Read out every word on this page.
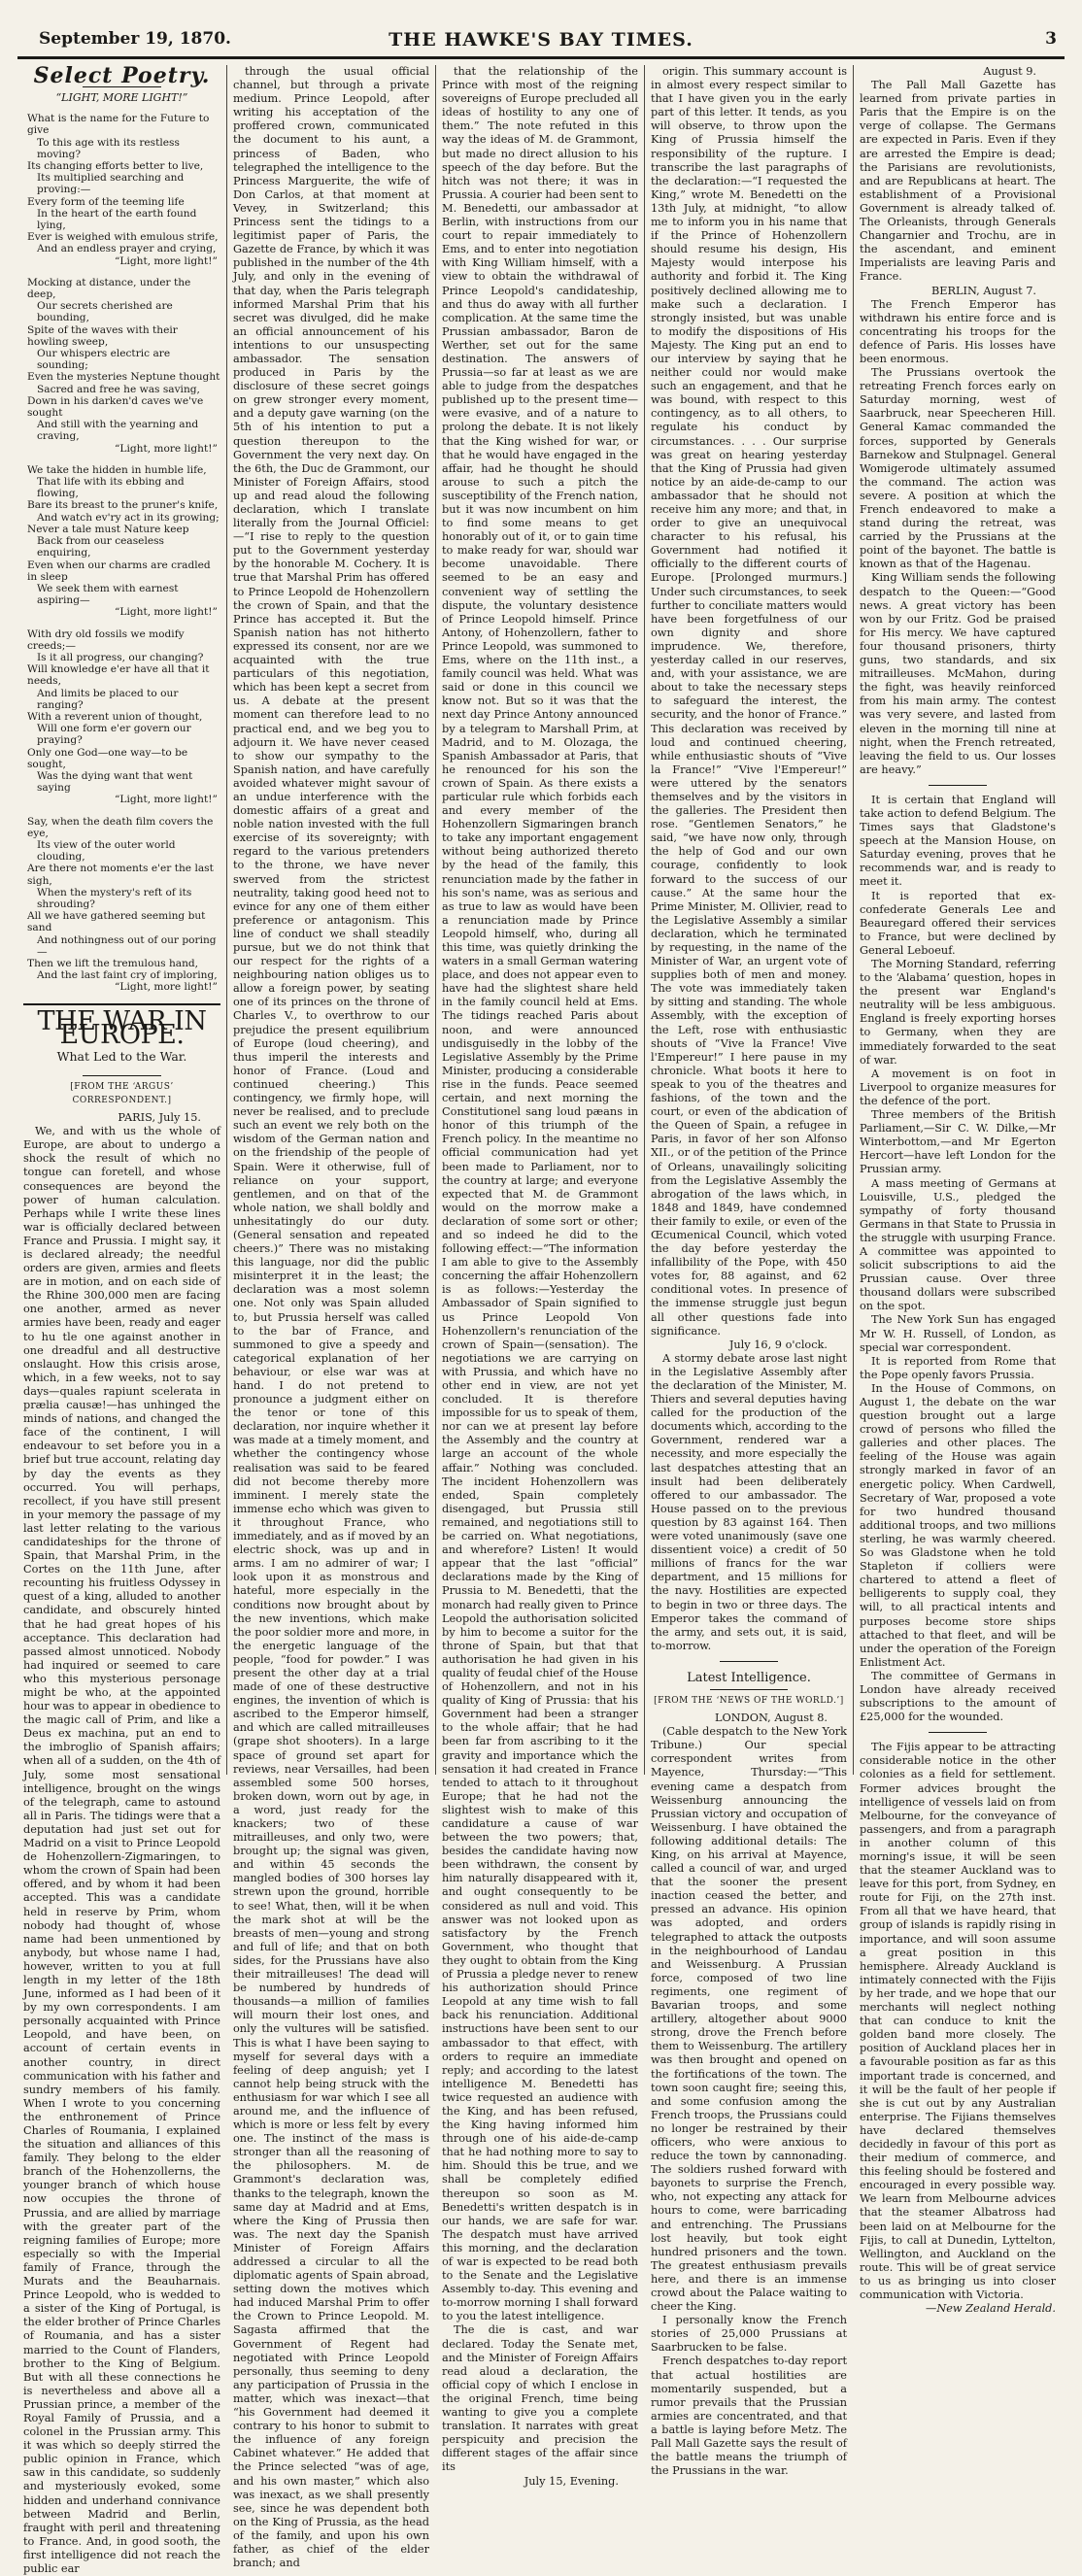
September 19, 1870.	THE HAWKE'S BAY TIMES.	3
Select Poetry.
“LIGHT, MORE LIGHT!”
What is the name for the Future to give
To this age with its restless moving?
Its changing efforts better to live,
Its multiplied searching and proving:—
Every form of the teeming life
In the heart of the earth found lying,
Ever is weighed with emulous strife,
And an endless prayer and crying,
“Light, more light!”
Mocking at distance, under the deep,
Our secrets cherished are bounding,
Spite of the waves with their howling sweep,
Our whispers electric are sounding;
Even the mysteries Neptune thought
Sacred and free he was saving,
Down in his darken'd caves we've sought
And still with the yearning and craving,
“Light, more light!”
We take the hidden in humble life,
That life with its ebbing and flowing,
Bare its breast to the pruner's knife,
And watch ev'ry act in its growing;
Never a tale must Nature keep
Back from our ceaseless enquiring,
Even when our charms are cradled in sleep
We seek them with earnest aspiring—
“Light, more light!”
With dry old fossils we modify creeds;—
Is it all progress, our changing?
Will knowledge e'er have all that it needs,
And limits be placed to our ranging?
With a reverent union of thought,
Will one form e'er govern our praying?
Only one God—one way—to be sought,
Was the dying want that went saying
“Light, more light!”
Say, when the death film covers the eye,
Its view of the outer world clouding,
Are there not moments e'er the last sigh,
When the mystery's reft of its shrouding?
All we have gathered seeming but sand
And nothingness out of our poring—
Then we lift the tremulous hand,
And the last faint cry of imploring,
“Light, more light!”
THE WAR IN EUROPE.
What Led to the War.
[FROM THE ‘ARGUS’ CORRESPONDENT.]
PARIS, July 15.

We, and with us the whole of Europe, are about to undergo a shock the result of which no tongue can foretell, and whose consequences are beyond the power of human calculation. Perhaps while I write these lines war is officially declared between France and Prussia. I might say, it is declared already; the needful orders are given, armies and fleets are in motion, and on each side of the Rhine 300,000 men are facing one another, armed as never armies have been, ready and eager to hu tle one against another in one dreadful and all destructive onslaught. How this crisis arose, which, in a few weeks, not to say days—quales rapiunt scelerata in prælia causæ!—has unhinged the minds of nations, and changed the face of the continent, I will endeavour to set before you in a brief but true account, relating day by day the events as they occurred. You will perhaps, recollect, if you have still present in your memory the passage of my last letter relating to the various candidateships for the throne of Spain, that Marshal Prim, in the Cortes on the 11th June, after recounting his fruitless Odyssey in quest of a king, alluded to another candidate, and obscurely hinted that he had great hopes of his acceptance. This declaration had passed almost unnoticed. Nobody had inquired or seemed to care who this mysterious personage might be who, at the appointed hour was to appear in obedience to the magic call of Prim, and like a Deus ex machina, put an end to the imbroglio of Spanish affairs; when all of a sudden, on the 4th of July, some most sensational intelligence, brought on the wings of the telegraph, came to astound all in Paris. The tidings were that a deputation had just set out for Madrid on a visit to Prince Leopold de Hohenzollern-Zigmaringen, to whom the crown of Spain had been offered, and by whom it had been accepted. This was a candidate held in reserve by Prim, whom nobody had thought of, whose name had been unmentioned by anybody, but whose name I had, however, written to you at full length in my letter of the 18th June, informed as I had been of it by my own correspondents. I am personally acquainted with Prince Leopold, and have been, on account of certain events in another country, in direct communication with his father and sundry members of his family. When I wrote to you concerning the enthronement of Prince Charles of Roumania, I explained the situation and alliances of this family. They belong to the elder branch of the Hohenzollerns, the younger branch of which house now occupies the throne of Prussia, and are allied by marriage with the greater part of the reigning families of Europe; more especially so with the Imperial family of France, through the Murats and the Beauharnais. Prince Leopold, who is wedded to a sister of the King of Portugal, is the elder brother of Prince Charles of Roumania, and has a sister married to the Count of Flanders, brother to the King of Belgium. But with all these connections he is nevertheless and above all a Prussian prince, a member of the Royal Family of Prussia, and a colonel in the Prussian army. This it was which so deeply stirred the public opinion in France, which saw in this candidate, so suddenly and mysteriously evoked, some hidden and underhand connivance between Madrid and Berlin, fraught with peril and threatening to France. And, in good sooth, the first intelligence did not reach the public ear

through the usual official channel, but through a private medium. Prince Leopold, after writing his acceptation of the proffered crown, communicated the document to his aunt, a princess of Baden, who telegraphed the intelligence to the Princess Marguerite, the wife of Don Carlos, at that moment at Vevey, in Switzerland; this Princess sent the tidings to a legitimist paper of Paris, the Gazette de France, by which it was published in the number of the 4th July, and only in the evening of that day, when the Paris telegraph informed Marshal Prim that his secret was divulged, did he make an official announcement of his intentions to our unsuspecting ambassador. The sensation produced in Paris by the disclosure of these secret goings on grew stronger every moment, and a deputy gave warning (on the 5th of his intention to put a question thereupon to the Government the very next day. On the 6th, the Duc de Grammont, our Minister of Foreign Affairs, stood up and read aloud the following declaration, which I translate literally from the Journal Officiel:—“I rise to reply to the question put to the Government yesterday by the honorable M. Cochery. It is true that Marshal Prim has offered to Prince Leopold de Hohenzollern the crown of Spain, and that the Prince has accepted it. But the Spanish nation has not hitherto expressed its consent, nor are we acquainted with the true particulars of this negotiation, which has been kept a secret from us. A debate at the present moment can therefore lead to no practical end, and we beg you to adjourn it. We have never ceased to show our sympathy to the Spanish nation, and have carefully avoided whatever might savour of an undue interference with the domestic affairs of a great and noble nation invested with the full exercise of its sovereignty; with regard to the various pretenders to the throne, we have never swerved from the strictest neutrality, taking good heed not to evince for any one of them either preference or antagonism. This line of conduct we shall steadily pursue, but we do not think that our respect for the rights of a neighbouring nation obliges us to allow a foreign power, by seating one of its princes on the throne of Charles V., to overthrow to our prejudice the present equilibrium of Europe (loud cheering), and thus imperil the interests and honor of France. (Loud and continued cheering.) This contingency, we firmly hope, will never be realised, and to preclude such an event we rely both on the wisdom of the German nation and on the friendship of the people of Spain. Were it otherwise, full of reliance on your support, gentlemen, and on that of the whole nation, we shall boldly and unhesitatingly do our duty. (General sensation and repeated cheers.)” There was no mistaking this language, nor did the public misinterpret it in the least; the declaration was a most solemn one. Not only was Spain alluded to, but Prussia herself was called to the bar of France, and summoned to give a speedy and categorical explanation of her behaviour, or else war was at hand. I do not pretend to pronounce a judgment either on the tenor or tone of this declaration, nor inquire whether it was made at a timely moment, and whether the contingency whose realisation was said to be feared did not become thereby more imminent. I merely state the immense echo which was given to it throughout France, who immediately, and as if moved by an electric shock, was up and in arms. I am no admirer of war; I look upon it as monstrous and hateful, more especially in the conditions now brought about by the new inventions, which make the poor soldier more and more, in the energetic language of the people, “food for powder.” I was present the other day at a trial made of one of these destructive engines, the invention of which is ascribed to the Emperor himself, and which are called mitrailleuses (grape shot shooters). In a large space of ground set apart for reviews, near Versailles, had been assembled some 500 horses, broken down, worn out by age, in a word, just ready for the knackers; two of these mitrailleuses, and only two, were brought up; the signal was given, and within 45 seconds the mangled bodies of 300 horses lay strewn upon the ground, horrible to see! What, then, will it be when the mark shot at will be the breasts of men—young and strong and full of life; and that on both sides, for the Prussians have also their mitrailleuses! The dead will be numbered by hundreds of thousands—a million of families will mourn their lost ones, and only the vultures will be satisfied. This is what I have been saying to myself for several days with a feeling of deep anguish; yet I cannot help being struck with the enthusiasm for war which I see all around me, and the influence of which is more or less felt by every one. The instinct of the mass is stronger than all the reasoning of the philosophers. M. de Grammont's declaration was, thanks to the telegraph, known the same day at Madrid and at Ems, where the King of Prussia then was. The next day the Spanish Minister of Foreign Affairs addressed a circular to all the diplomatic agents of Spain abroad, setting down the motives which had induced Marshal Prim to offer the Crown to Prince Leopold. M. Sagasta affirmed that the Government of Regent had negotiated with Prince Leopold personally, thus seeming to deny any participation of Prussia in the matter, which was inexact—that “his Government had deemed it contrary to his honor to submit to the influence of any foreign Cabinet whatever.” He added that the Prince selected “was of age, and his own master,” which also was inexact, as we shall presently see, since he was dependent both on the King of Prussia, as the head of the family, and upon his own father, as chief of the elder branch; and

that the relationship of the Prince with most of the reigning sovereigns of Europe precluded all ideas of hostility to any one of them.” The note refuted in this way the ideas of M. de Grammont, but made no direct allusion to his speech of the day before. But the hitch was not there; it was in Prussia. A courier had been sent to M. Benedetti, our ambassador at Berlin, with instructions from our court to repair immediately to Ems, and to enter into negotiation with King William himself, with a view to obtain the withdrawal of Prince Leopold's candidateship, and thus do away with all further complication. At the same time the Prussian ambassador, Baron de Werther, set out for the same destination. The answers of Prussia—so far at least as we are able to judge from the despatches published up to the present time—were evasive, and of a nature to prolong the debate. It is not likely that the King wished for war, or that he would have engaged in the affair, had he thought he should arouse to such a pitch the susceptibility of the French nation, but it was now incumbent on him to find some means to get honorably out of it, or to gain time to make ready for war, should war become unavoidable. There seemed to be an easy and convenient way of settling the dispute, the voluntary desistence of Prince Leopold himself. Prince Antony, of Hohenzollern, father to Prince Leopold, was summoned to Ems, where on the 11th inst., a family council was held. What was said or done in this council we know not. But so it was that the next day Prince Antony announced by a telegram to Marshall Prim, at Madrid, and to M. Olozaga, the Spanish Ambassador at Paris, that he renounced for his son the crown of Spain. As there exists a particular rule which forbids each and every member of the Hohenzollern Sigmaringen branch to take any important engagement without being authorized thereto by the head of the family, this renunciation made by the father in his son's name, was as serious and as true to law as would have been a renunciation made by Prince Leopold himself, who, during all this time, was quietly drinking the waters in a small German watering place, and does not appear even to have had the slightest share held in the family council held at Ems. The tidings reached Paris about noon, and were announced undisguisedly in the lobby of the Legislative Assembly by the Prime Minister, producing a considerable rise in the funds. Peace seemed certain, and next morning the Constitutionel sang loud pæans in honor of this triumph of the French policy. In the meantime no official communication had yet been made to Parliament, nor to the country at large; and everyone expected that M. de Grammont would on the morrow make a declaration of some sort or other; and so indeed he did to the following effect:—“The information I am able to give to the Assembly concerning the affair Hohenzollern is as follows:—Yesterday the Ambassador of Spain signified to us Prince Leopold Von Hohenzollern's renunciation of the crown of Spain—(sensation). The negotiations we are carrying on with Prussia, and which have no other end in view, are not yet concluded. It is therefore impossible for us to speak of them, nor can we at present lay before the Assembly and the country at large an account of the whole affair.” Nothing was concluded. The incident Hohenzollern was ended, Spain completely disengaged, but Prussia still remained, and negotiations still to be carried on. What negotiations, and wherefore? Listen! It would appear that the last “official” declarations made by the King of Prussia to M. Benedetti, that the monarch had really given to Prince Leopold the authorisation solicited by him to become a suitor for the throne of Spain, but that that authorisation he had given in his quality of feudal chief of the House of Hohenzollern, and not in his quality of King of Prussia: that his Government had been a stranger to the whole affair; that he had been far from ascribing to it the gravity and importance which the sensation it had created in France tended to attach to it throughout Europe; that he had not the slightest wish to make of this candidature a cause of war between the two powers; that, besides the candidate having now been withdrawn, the consent by him naturally disappeared with it, and ought consequently to be considered as null and void. This answer was not looked upon as satisfactory by the French Government, who thought that they ought to obtain from the King of Prussia a pledge never to renew his authorization should Prince Leopold at any time wish to fall back his renunciation. Additional instructions have been sent to our ambassador to that effect, with orders to require an immediate reply; and according to the latest intelligence M. Benedetti has twice requested an audience with the King, and has been refused, the King having informed him through one of his aide-de-camp that he had nothing more to say to him. Should this be true, and we shall be completely edified thereupon so soon as M. Benedetti's written despatch is in our hands, we are safe for war. The despatch must have arrived this morning, and the declaration of war is expected to be read both to the Senate and the Legislative Assembly to-day. This evening and to-morrow morning I shall forward to you the latest intelligence.

The die is cast, and war declared. Today the Senate met, and the Minister of Foreign Affairs read aloud a declaration, the official copy of which I enclose in the original French, time being wanting to give you a complete translation. It narrates with great perspicuity and precision the different stages of the affair since its

July 15, Evening.

origin. This summary account is in almost every respect similar to that I have given you in the early part of this letter. It tends, as you will observe, to throw upon the King of Prussia himself the responsibility of the rupture. I transcribe the last paragraphs of the declaration:—“I requested the King,” wrote M. Benedetti on the 13th July, at midnight, “to allow me to inform you in his name that if the Prince of Hohenzollern should resume his design, His Majesty would interpose his authority and forbid it. The King positively declined allowing me to make such a declaration. I strongly insisted, but was unable to modify the dispositions of His Majesty. The King put an end to our interview by saying that he neither could nor would make such an engagement, and that he was bound, with respect to this contingency, as to all others, to regulate his conduct by circumstances. . . . Our surprise was great on hearing yesterday that the King of Prussia had given notice by an aide-de-camp to our ambassador that he should not receive him any more; and that, in order to give an unequivocal character to his refusal, his Government had notified it officially to the different courts of Europe. [Prolonged murmurs.] Under such circumstances, to seek further to conciliate matters would have been forgetfulness of our own dignity and shore imprudence. We, therefore, yesterday called in our reserves, and, with your assistance, we are about to take the necessary steps to safeguard the interest, the security, and the honor of France.” This declaration was received by loud and continued cheering, while enthusiastic shouts of “Vive la France!” “Vive l'Empereur!” were uttered by the senators themselves and by the visitors in the galleries. The President then rose. “Gentlemen Senators,” he said, “we have now only, through the help of God and our own courage, confidently to look forward to the success of our cause.” At the same hour the Prime Minister, M. Ollivier, read to the Legislative Assembly a similar declaration, which he terminated by requesting, in the name of the Minister of War, an urgent vote of supplies both of men and money. The vote was immediately taken by sitting and standing. The whole Assembly, with the exception of the Left, rose with enthusiastic shouts of “Vive la France! Vive l'Empereur!” I here pause in my chronicle. What boots it here to speak to you of the theatres and fashions, of the town and the court, or even of the abdication of the Queen of Spain, a refugee in Paris, in favor of her son Alfonso XII., or of the petition of the Prince of Orleans, unavailingly soliciting from the Legislative Assembly the abrogation of the laws which, in 1848 and 1849, have condemned their family to exile, or even of the Œcumenical Council, which voted the day before yesterday the infallibility of the Pope, with 450 votes for, 88 against, and 62 conditional votes. In presence of the immense struggle just begun all other questions fade into significance.

July 16, 9 o'clock.

A stormy debate arose last night in the Legislative Assembly after the declaration of the Minister, M. Thiers and several deputies having called for the production of the documents which, according to the Government, rendered war a necessity, and more especially the last despatches attesting that an insult had been deliberately offered to our ambassador. The House passed on to the previous question by 83 against 164. Then were voted unanimously (save one dissentient voice) a credit of 50 millions of francs for the war department, and 15 millions for the navy. Hostilities are expected to begin in two or three days. The Emperor takes the command of the army, and sets out, it is said, to-morrow.

Latest Intelligence.
[FROM THE ‘NEWS OF THE WORLD.’]
LONDON, August 8.

(Cable despatch to the New York Tribune.) Our special correspondent writes from Mayence, Thursday:—“This evening came a despatch from Weissenburg announcing the Prussian victory and occupation of Weissenburg. I have obtained the following additional details: The King, on his arrival at Mayence, called a council of war, and urged that the sooner the present inaction ceased the better, and pressed an advance. His opinion was adopted, and orders telegraphed to attack the outposts in the neighbourhood of Landau and Weissenburg. A Prussian force, composed of two line regiments, one regiment of Bavarian troops, and some artillery, altogether about 9000 strong, drove the French before them to Weissenburg. The artillery was then brought and opened on the fortifications of the town. The town soon caught fire; seeing this, and some confusion among the French troops, the Prussians could no longer be restrained by their officers, who were anxious to reduce the town by cannonading. The soldiers rushed forward with bayonets to surprise the French, who, not expecting any attack for hours to come, were barricading and entrenching. The Prussians lost heavily, but took eight hundred prisoners and the town. The greatest enthusiasm prevails here, and there is an immense crowd about the Palace waiting to cheer the King.

I personally know the French stories of 25,000 Prussians at Saarbrucken to be false.

French despatches to-day report that actual hostilities are momentarily suspended, but a rumor prevails that the Prussian armies are concentrated, and that a battle is laying before Metz. The Pall Mall Gazette says the result of the battle means the triumph of the Prussians in the war.

August 9.

The Pall Mall Gazette has learned from private parties in Paris that the Empire is on the verge of collapse. The Germans are expected in Paris. Even if they are arrested the Empire is dead; the Parisians are revolutionists, and are Republicans at heart. The establishment of a Provisional Government is already talked of. The Orleanists, through Generals Changarnier and Trochu, are in the ascendant, and eminent Imperialists are leaving Paris and France.

BERLIN, August 7.

The French Emperor has withdrawn his entire force and is concentrating his troops for the defence of Paris. His losses have been enormous.

The Prussians overtook the retreating French forces early on Saturday morning, west of Saarbruck, near Speecheren Hill. General Kamac commanded the forces, supported by Generals Barnekow and Stulpnagel. General Womigerode ultimately assumed the command. The action was severe. A position at which the French endeavored to make a stand during the retreat, was carried by the Prussians at the point of the bayonet. The battle is known as that of the Hagenau.

King William sends the following despatch to the Queen:—“Good news. A great victory has been won by our Fritz. God be praised for His mercy. We have captured four thousand prisoners, thirty guns, two standards, and six mitrailleuses. McMahon, during the fight, was heavily reinforced from his main army. The contest was very severe, and lasted from eleven in the morning till nine at night, when the French retreated, leaving the field to us. Our losses are heavy.”

It is certain that England will take action to defend Belgium. The Times says that Gladstone's speech at the Mansion House, on Saturday evening, proves that he recommends war, and is ready to meet it.

It is reported that ex-confederate Generals Lee and Beauregard offered their services to France, but were declined by General Leboeuf.

The Morning Standard, referring to the ‘Alabama’ question, hopes in the present war England's neutrality will be less ambiguous. England is freely exporting horses to Germany, when they are immediately forwarded to the seat of war.

A movement is on foot in Liverpool to organize measures for the defence of the port.

Three members of the British Parliament,—Sir C. W. Dilke,—Mr Winterbottom,—and Mr Egerton Hercort—have left London for the Prussian army.

A mass meeting of Germans at Louisville, U.S., pledged the sympathy of forty thousand Germans in that State to Prussia in the struggle with usurping France. A committee was appointed to solicit subscriptions to aid the Prussian cause. Over three thousand dollars were subscribed on the spot.

The New York Sun has engaged Mr W. H. Russell, of London, as special war correspondent.

It is reported from Rome that the Pope openly favors Prussia.

In the House of Commons, on August 1, the debate on the war question brought out a large crowd of persons who filled the galleries and other places. The feeling of the House was again strongly marked in favor of an energetic policy. When Cardwell, Secretary of War, proposed a vote for two hundred thousand additional troops, and two millions sterling, he was warmly cheered. So was Gladstone when he told Stapleton if colliers were chartered to attend a fleet of belligerents to supply coal, they will, to all practical intents and purposes become store ships attached to that fleet, and will be under the operation of the Foreign Enlistment Act.

The committee of Germans in London have already received subscriptions to the amount of £25,000 for the wounded.

The Fijis appear to be attracting considerable notice in the other colonies as a field for settlement. Former advices brought the intelligence of vessels laid on from Melbourne, for the conveyance of passengers, and from a paragraph in another column of this morning's issue, it will be seen that the steamer Auckland was to leave for this port, from Sydney, en route for Fiji, on the 27th inst. From all that we have heard, that group of islands is rapidly rising in importance, and will soon assume a great position in this hemisphere. Already Auckland is intimately connected with the Fijis by her trade, and we hope that our merchants will neglect nothing that can conduce to knit the golden band more closely. The position of Auckland places her in a favourable position as far as this important trade is concerned, and it will be the fault of her people if she is cut out by any Australian enterprise. The Fijians themselves have declared themselves decidedly in favour of this port as their medium of commerce, and this feeling should be fostered and encouraged in every possible way. We learn from Melbourne advices that the steamer Albatross had been laid on at Melbourne for the Fijis, to call at Dunedin, Lyttelton, Wellington, and Auckland on the route. This will be of great service to us as bringing us into closer communication with Victoria.

—New Zealand Herald.
